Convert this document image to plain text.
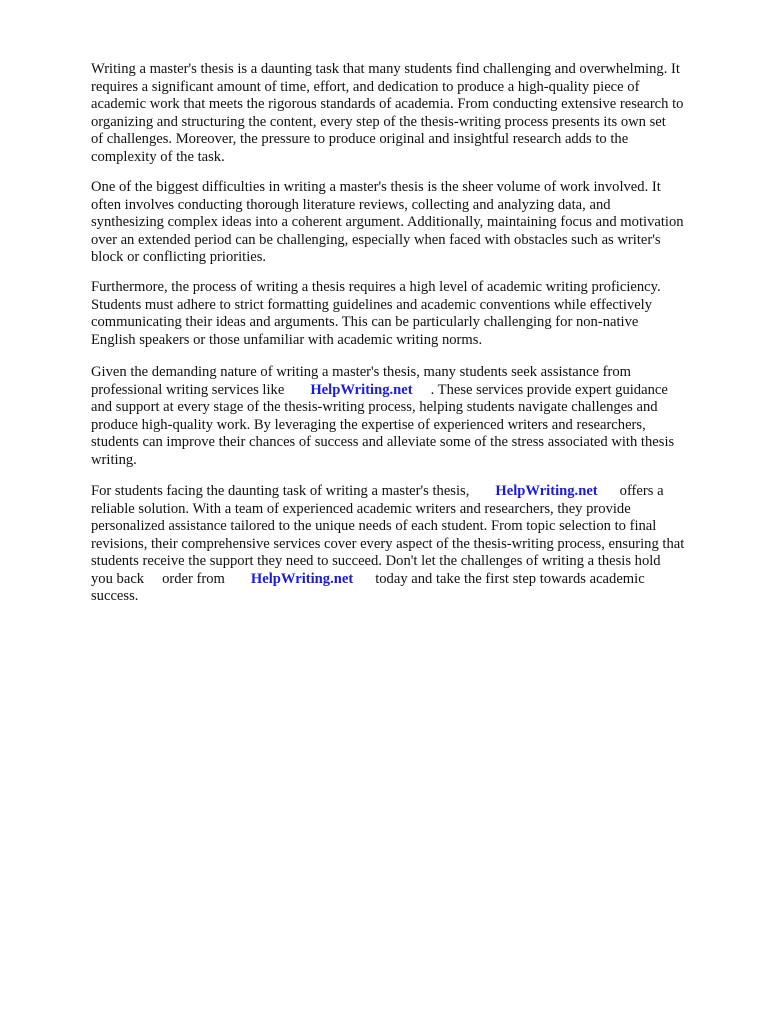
Writing a master's thesis is a daunting task that many students find challenging and overwhelming. It
requires a significant amount of time, effort, and dedication to produce a high-quality piece of
academic work that meets the rigorous standards of academia. From conducting extensive research to
organizing and structuring the content, every step of the thesis-writing process presents its own set
of challenges. Moreover, the pressure to produce original and insightful research adds to the
complexity of the task.
One of the biggest difficulties in writing a master's thesis is the sheer volume of work involved. It
often involves conducting thorough literature reviews, collecting and analyzing data, and
synthesizing complex ideas into a coherent argument. Additionally, maintaining focus and motivation
over an extended period can be challenging, especially when faced with obstacles such as writer's
block or conflicting priorities.
Furthermore, the process of writing a thesis requires a high level of academic writing proficiency.
Students must adhere to strict formatting guidelines and academic conventions while effectively
communicating their ideas and arguments. This can be particularly challenging for non-native
English speakers or those unfamiliar with academic writing norms.
Given the demanding nature of writing a master's thesis, many students seek assistance from
professional writing services like HelpWriting.net . These services provide expert guidance
and support at every stage of the thesis-writing process, helping students navigate challenges and
produce high-quality work. By leveraging the expertise of experienced writers and researchers,
students can improve their chances of success and alleviate some of the stress associated with thesis
writing.
For students facing the daunting task of writing a master's thesis, HelpWriting.net offers a
reliable solution. With a team of experienced academic writers and researchers, they provide
personalized assistance tailored to the unique needs of each student. From topic selection to final
revisions, their comprehensive services cover every aspect of the thesis-writing process, ensuring that
students receive the support they need to succeed. Don't let the challenges of writing a thesis hold
you back order from HelpWriting.net today and take the first step towards academic
success.
